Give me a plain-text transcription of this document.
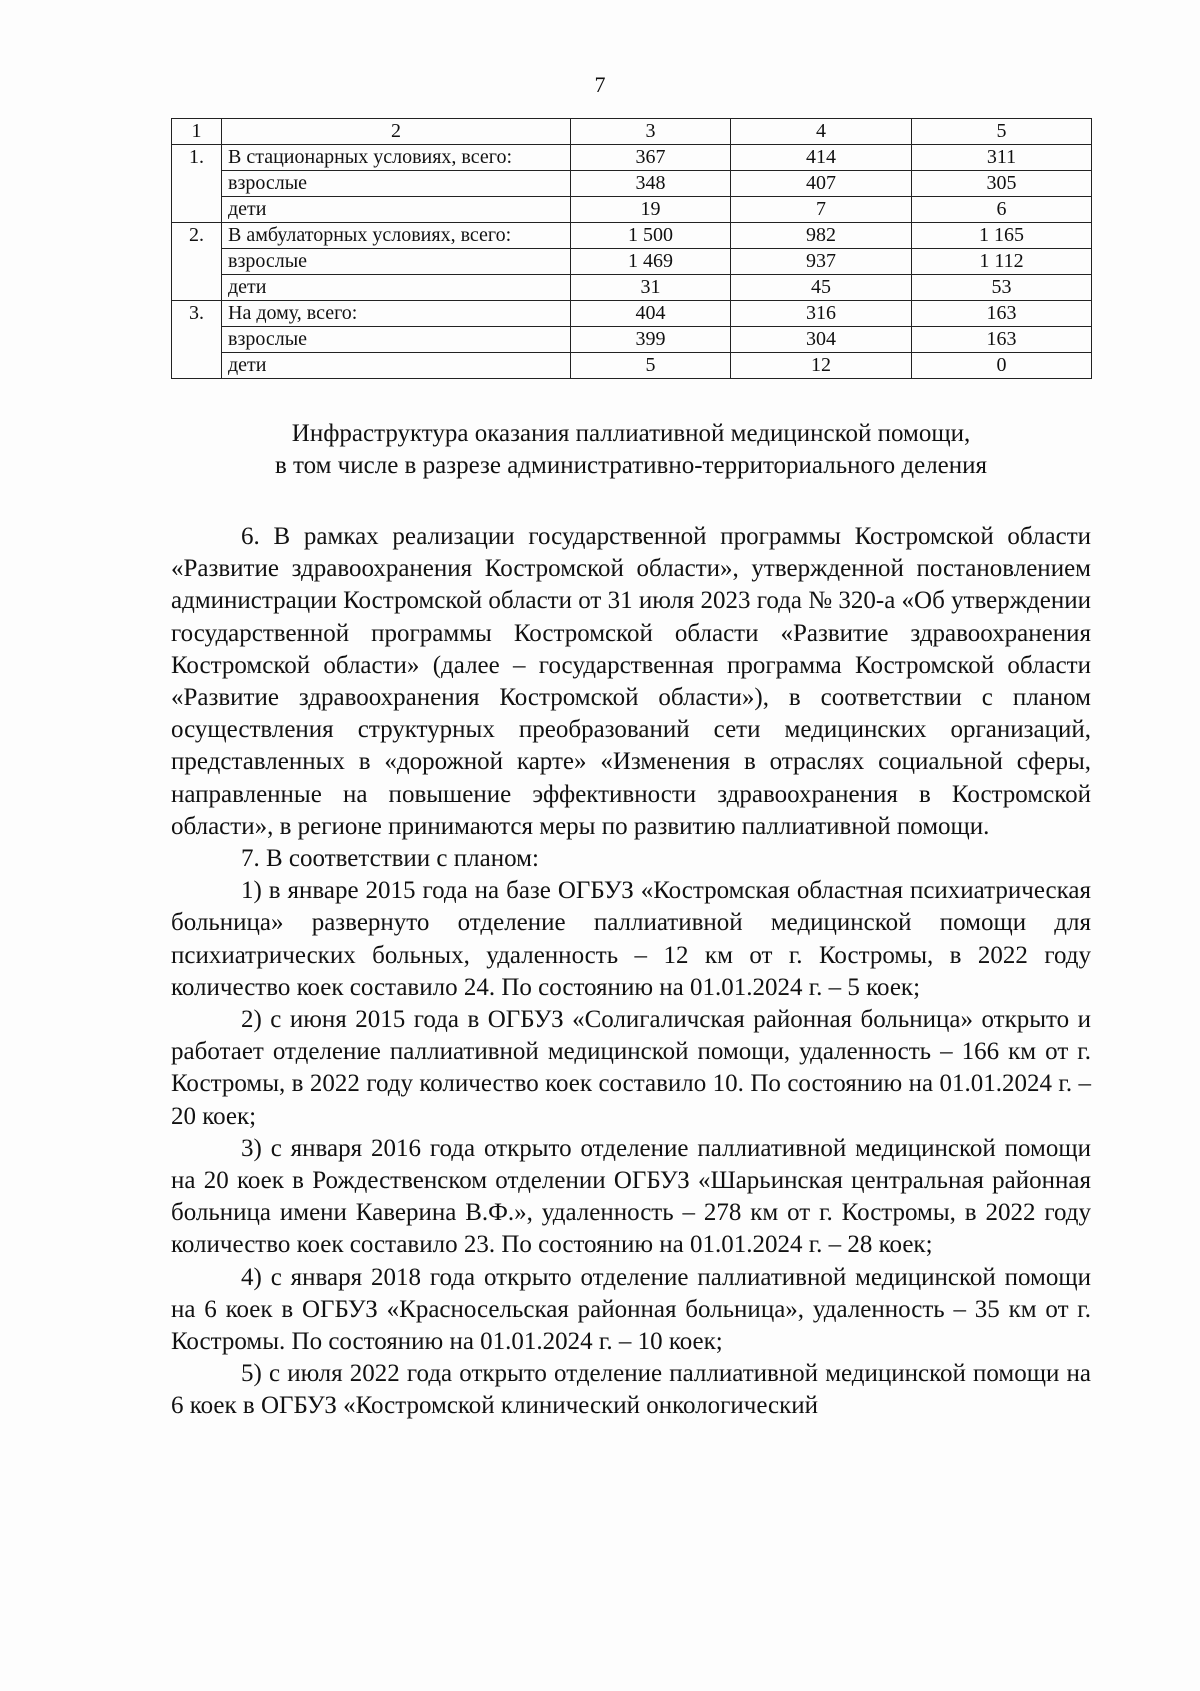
7
1	2	3	4	5
1.	В стационарных условиях, всего:	367	414	311
	взрослые	348	407	305
	дети	19	7	6
2.	В амбулаторных условиях, всего:	1 500	982	1 165
	взрослые	1 469	937	1 112
	дети	31	45	53
3.	На дому, всего:	404	316	163
	взрослые	399	304	163
	дети	5	12	0
Инфраструктура оказания паллиативной медицинской помощи,
в том числе в разрезе административно-территориального деления

6. В рамках реализации государственной программы Костромской области «Развитие здравоохранения Костромской области», утвержденной постановлением администрации Костромской области от 31 июля 2023 года № 320-а «Об утверждении государственной программы Костромской области «Развитие здравоохранения Костромской области» (далее – государственная программа Костромской области «Развитие здравоохранения Костромской области»), в соответствии с планом осуществления структурных преобразований сети медицинских организаций, представленных в «дорожной карте» «Изменения в отраслях социальной сферы, направленные на повышение эффективности здравоохранения в Костромской области», в регионе принимаются меры по развитию паллиативной помощи.

7. В соответствии с планом:

1) в январе 2015 года на базе ОГБУЗ «Костромская областная психиатрическая больница» развернуто отделение паллиативной медицинской помощи для психиатрических больных, удаленность – 12 км от г. Костромы, в 2022 году количество коек составило 24. По состоянию на 01.01.2024 г. – 5 коек;

2) с июня 2015 года в ОГБУЗ «Солигаличская районная больница» открыто и работает отделение паллиативной медицинской помощи, удаленность – 166 км от г. Костромы, в 2022 году количество коек составило 10. По состоянию на 01.01.2024 г. – 20 коек;

3) с января 2016 года открыто отделение паллиативной медицинской помощи на 20 коек в Рождественском отделении ОГБУЗ «Шарьинская центральная районная больница имени Каверина В.Ф.», удаленность – 278 км от г. Костромы, в 2022 году количество коек составило 23. По состоянию на 01.01.2024 г. – 28 коек;

4) с января 2018 года открыто отделение паллиативной медицинской помощи на 6 коек в ОГБУЗ «Красносельская районная больница», удаленность – 35 км от г. Костромы. По состоянию на 01.01.2024 г. – 10 коек;

5) с июля 2022 года открыто отделение паллиативной медицинской помощи на 6 коек в ОГБУЗ «Костромской клинический онкологический
